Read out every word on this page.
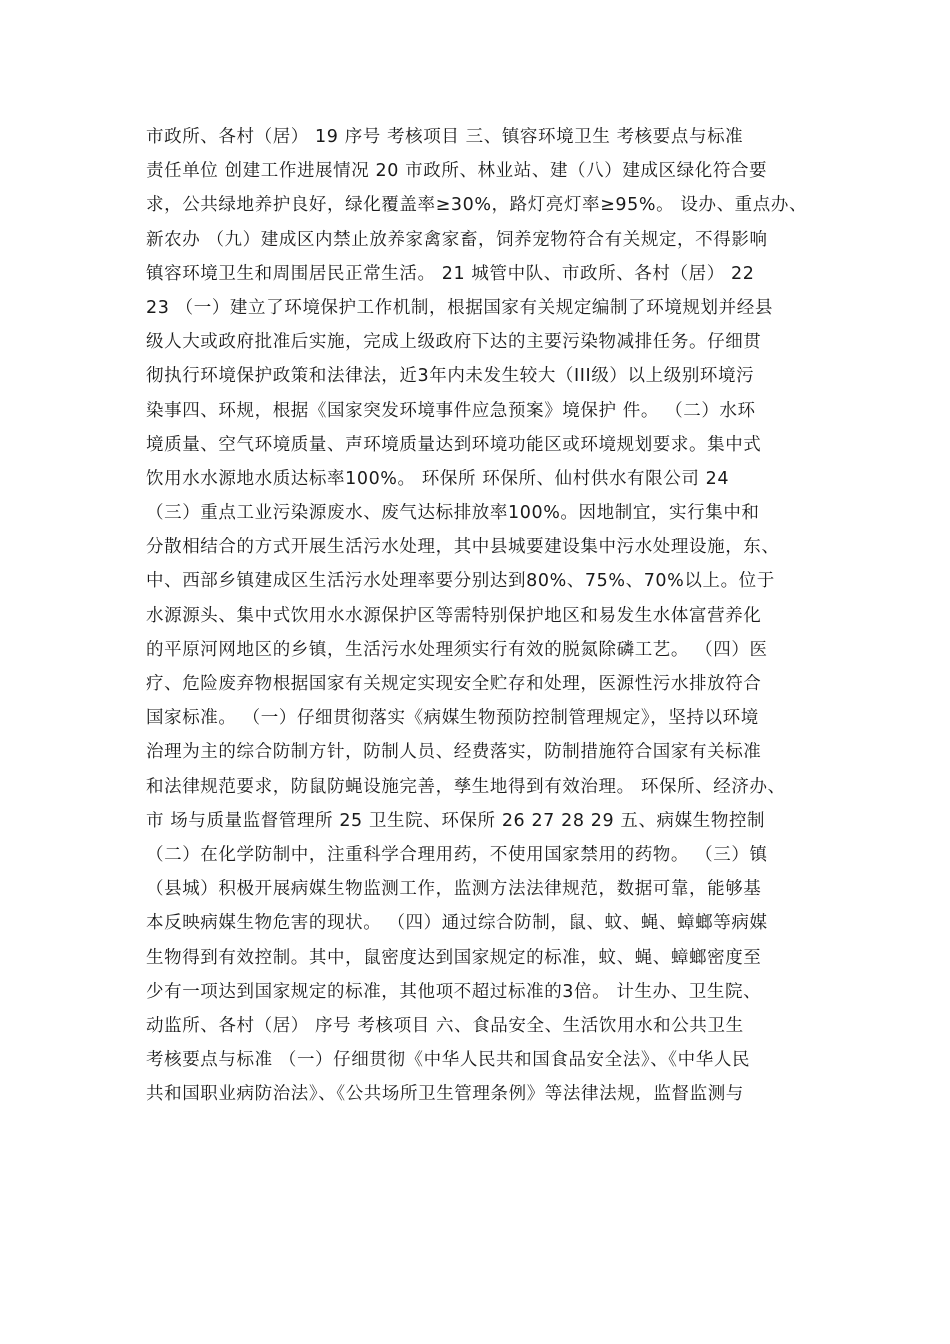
市政所、各村（居） 19 序号 考核项目 三、镇容环境卫生 考核要点与标准
责任单位 创建工作进展情况 20 市政所、林业站、建（八）建成区绿化符合要
求，公共绿地养护良好，绿化覆盖率≥30%，路灯亮灯率≥95%。 设办、重点办、
新农办 （九）建成区内禁止放养家禽家畜，饲养宠物符合有关规定，不得影响
镇容环境卫生和周围居民正常生活。 21 城管中队、市政所、各村（居） 22
23 （一）建立了环境保护工作机制，根据国家有关规定编制了环境规划并经县
级人大或政府批准后实施，完成上级政府下达的主要污染物减排任务。仔细贯
彻执行环境保护政策和法律法，近3年内未发生较大（III级）以上级别环境污
染事四、环规，根据《国家突发环境事件应急预案》境保护 件。 （二）水环
境质量、空气环境质量、声环境质量达到环境功能区或环境规划要求。集中式
饮用水水源地水质达标率100%。 环保所 环保所、仙村供水有限公司 24
（三）重点工业污染源废水、废气达标排放率100%。因地制宜，实行集中和
分散相结合的方式开展生活污水处理，其中县城要建设集中污水处理设施，东、
中、西部乡镇建成区生活污水处理率要分别达到80%、75%、70%以上。位于
水源源头、集中式饮用水水源保护区等需特别保护地区和易发生水体富营养化
的平原河网地区的乡镇，生活污水处理须实行有效的脱氮除磷工艺。 （四）医
疗、危险废弃物根据国家有关规定实现安全贮存和处理，医源性污水排放符合
国家标准。 （一）仔细贯彻落实《病媒生物预防控制管理规定》，坚持以环境
治理为主的综合防制方针，防制人员、经费落实，防制措施符合国家有关标准
和法律规范要求，防鼠防蝇设施完善，孳生地得到有效治理。 环保所、经济办、
市 场与质量监督管理所 25 卫生院、环保所 26 27 28 29 五、病媒生物控制
（二）在化学防制中，注重科学合理用药，不使用国家禁用的药物。 （三）镇
（县城）积极开展病媒生物监测工作，监测方法法律规范，数据可靠，能够基
本反映病媒生物危害的现状。 （四）通过综合防制，鼠、蚊、蝇、蟑螂等病媒
生物得到有效控制。其中，鼠密度达到国家规定的标准，蚊、蝇、蟑螂密度至
少有一项达到国家规定的标准，其他项不超过标准的3倍。 计生办、卫生院、
动监所、各村（居） 序号 考核项目 六、食品安全、生活饮用水和公共卫生
考核要点与标准 （一）仔细贯彻《中华人民共和国食品安全法》、《中华人民
共和国职业病防治法》、《公共场所卫生管理条例》等法律法规，监督监测与
